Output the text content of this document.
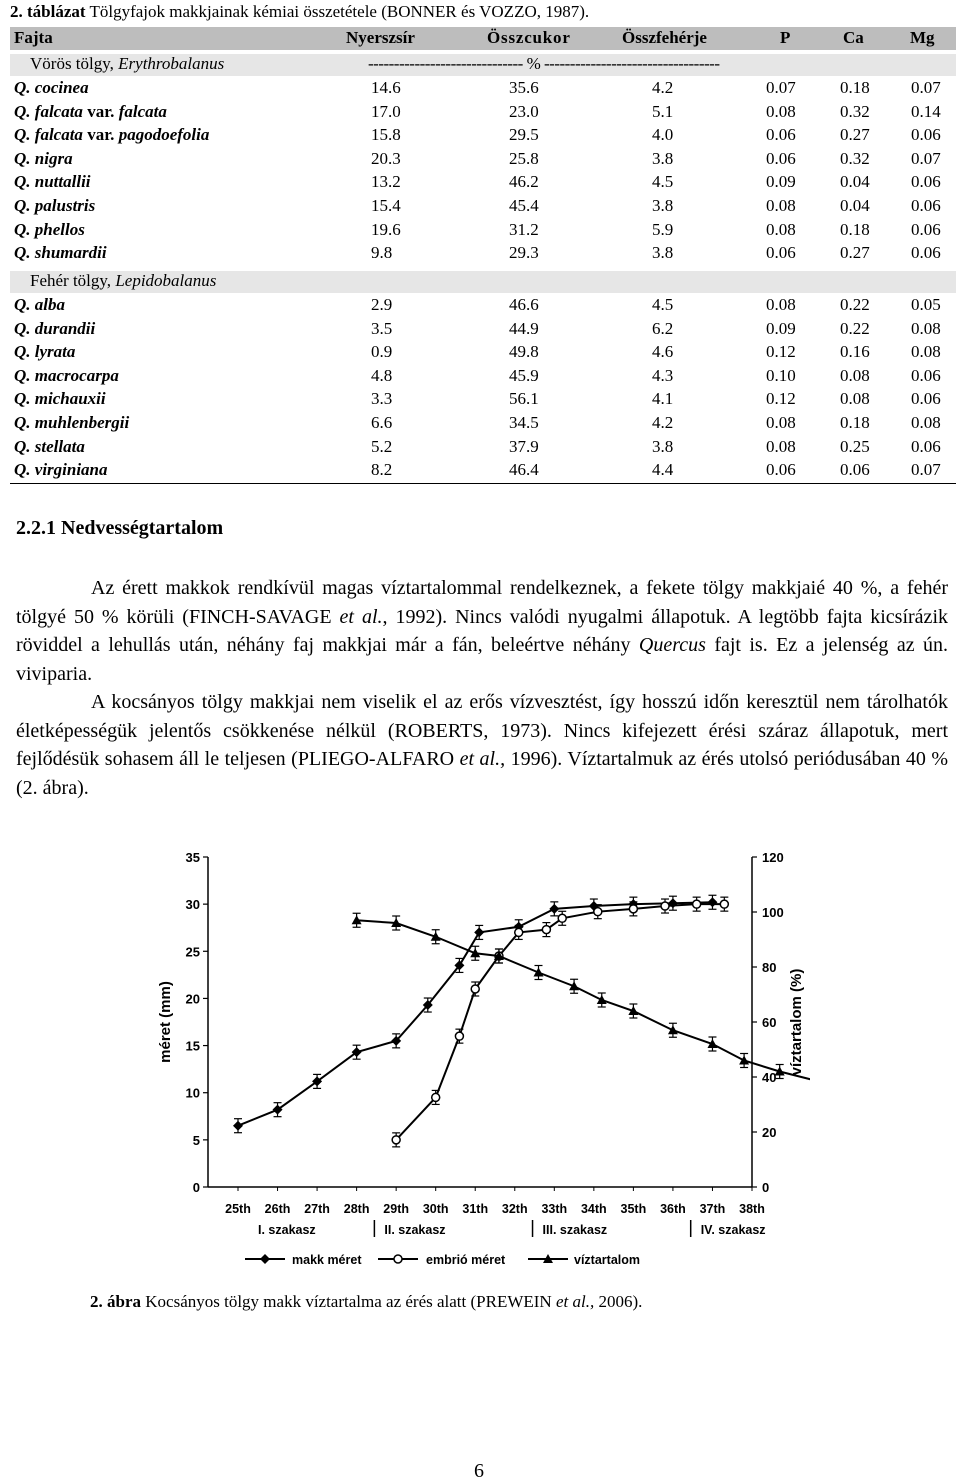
2. táblázat Tölgyfajok makkjainak kémiai összetétele (BONNER és VOZZO, 1987).
Fajta	Nyerszsír	Összcukor	Összfehérje	P	Ca	Mg
Vörös tölgy, Erythrobalanus	------------------------------ % ----------------------------------
Q. cocinea	14.6	35.6	4.2	0.07	0.18 0.07
Q. falcata var. falcata	17.0	23.0	5.1	0.08	0.32 0.14
Q. falcata var. pagodoefolia	15.8	29.5	4.0	0.06	0.27 0.06
Q. nigra	20.3	25.8	3.8	0.06	0.32 0.07
Q. nuttallii	13.2	46.2	4.5	0.09	0.04 0.06
Q. palustris	15.4	45.4	3.8	0.08	0.04 0.06
Q. phellos	19.6	31.2	5.9	0.08	0.18 0.06
Q. shumardii	9.8	29.3	3.8	0.06	0.27 0.06
Fehér tölgy, Lepidobalanus
Q. alba	2.9	46.6	4.5	0.08	0.22 0.05
Q. durandii	3.5	44.9	6.2	0.09	0.22 0.08
Q. lyrata	0.9	49.8	4.6	0.12	0.16 0.08
Q. macrocarpa	4.8	45.9	4.3	0.10	0.08 0.06
Q. michauxii	3.3	56.1	4.1	0.12	0.08 0.06
Q. muhlenbergii	6.6	34.5	4.2	0.08	0.18 0.08
Q. stellata	5.2	37.9	3.8	0.08	0.25 0.06
Q. virginiana	8.2	46.4	4.4	0.06	0.06 0.07
2.2.1 Nedvességtartalom

Az érett makkok rendkívül magas víztartalommal rendelkeznek, a fekete tölgy makkjaié 40 %, a fehér tölgyé 50 % körüli (FINCH-SAVAGE et al., 1992). Nincs valódi nyugalmi állapotuk. A legtöbb fajta kicsírázik röviddel a lehullás után, néhány faj makkjai már a fán, beleértve néhány Quercus fajt is. Ez a jelenség az ún. viviparia.

A kocsányos tölgy makkjai nem viselik el az erős vízvesztést, így hosszú időn keresztül nem tárolhatók életképességük jelentős csökkenése nélkül (ROBERTS, 1973). Nincs kifejezett érési száraz állapotuk, mert fejlődésük sohasem áll le teljesen (PLIEGO-ALFARO et al., 1996). Víztartalmuk az érés utolsó periódusában 40 % (2. ábra).

0
5
10
15
20
25
30
35
0
20
40
60
80
100
120
25th 26th 27th 28th 29th 30th 31th 32th 33th 34th 35th 36th 37th 38th
méret (mm)	víztartalom (%)
I. szakasz	II. szakasz	III. szakasz	IV. szakasz
makk méret	embrió méret	víztartalom
2. ábra Kocsányos tölgy makk víztartalma az érés alatt (PREWEIN et al., 2006).
6
